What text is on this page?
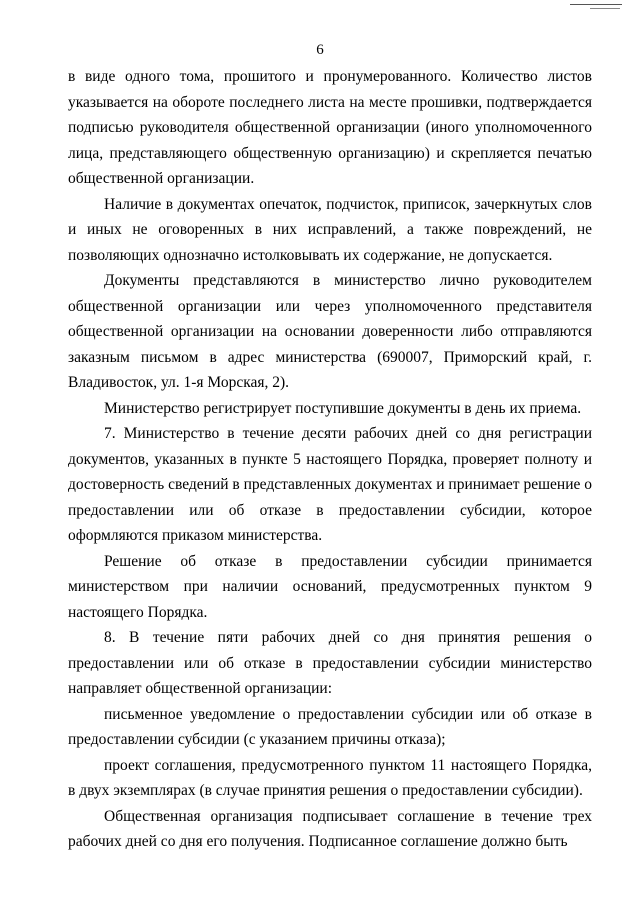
6

в виде одного тома, прошитого и пронумерованного. Количество листов указывается на обороте последнего листа на месте прошивки, подтверждается подписью руководителя общественной организации (иного уполномоченного лица, представляющего общественную организацию) и скрепляется печатью общественной организации.

Наличие в документах опечаток, подчисток, приписок, зачеркнутых слов и иных не оговоренных в них исправлений, а также повреждений, не позволяющих однозначно истолковывать их содержание, не допускается.

Документы представляются в министерство лично руководителем общественной организации или через уполномоченного представителя общественной организации на основании доверенности либо отправляются заказным письмом в адрес министерства (690007, Приморский край, г. Владивосток, ул. 1-я Морская, 2).

Министерство регистрирует поступившие документы в день их приема.

7. Министерство в течение десяти рабочих дней со дня регистрации документов, указанных в пункте 5 настоящего Порядка, проверяет полноту и достоверность сведений в представленных документах и принимает решение о предоставлении или об отказе в предоставлении субсидии, которое оформляются приказом министерства.

Решение об отказе в предоставлении субсидии принимается министерством при наличии оснований, предусмотренных пунктом 9 настоящего Порядка.

8. В течение пяти рабочих дней со дня принятия решения о предоставлении или об отказе в предоставлении субсидии министерство направляет общественной организации:

письменное уведомление о предоставлении субсидии или об отказе в предоставлении субсидии (с указанием причины отказа);

проект соглашения, предусмотренного пунктом 11 настоящего Порядка, в двух экземплярах (в случае принятия решения о предоставлении субсидии).

Общественная организация подписывает соглашение в течение трех рабочих дней со дня его получения. Подписанное соглашение должно быть
